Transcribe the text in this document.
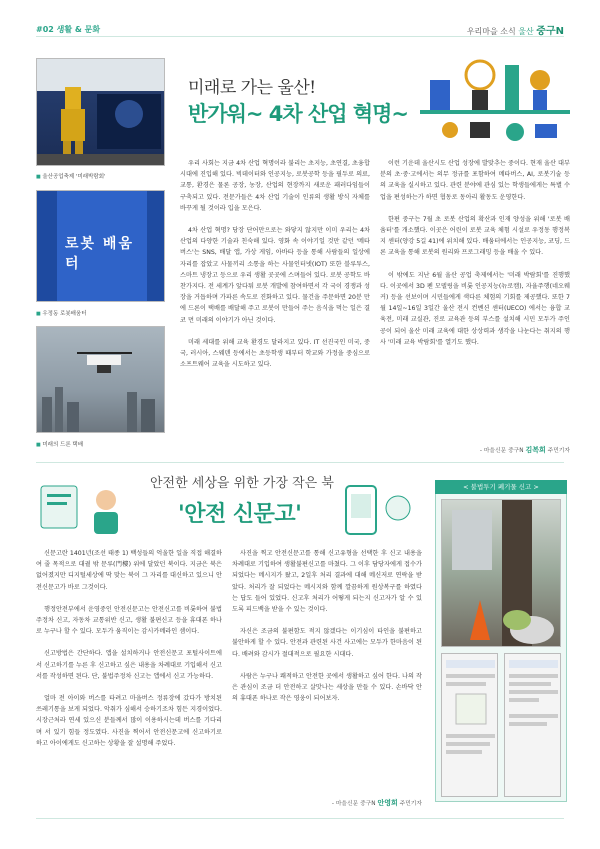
#02 생활 & 문화	우리마을 소식 울산 중구N
■ 울산공업축제 '미래박람회'
로봇 배움터
■ 우정동 로봇배움터
■ 미래의 드론 택배
미래로 가는 울산!
반가워~ 4차 산업 혁명~

우리 사회는 지금 4차 산업 혁명이라 불리는 초지능, 초연결, 초융합 시대에 진입해 있다. 빅데이터와 인공지능, 로봇공학 등을 필두로 의료, 교통, 환경은 물론 공장, 농장, 산업의 현장까지 새로운 패러다임들이 구축되고 있다. 전문가들은 4차 산업 기술이 인류의 생활 방식 자체를 바꾸게 될 것이라 입을 모은다.

4차 산업 혁명? 당장 단어만으로는 와닿지 않지만 이미 우리는 4차 산업의 다양한 기술과 친숙해 있다. 영화 속 이야기일 것만 같던 '메타버스'는 SNS, 배달 앱, 가상 게임, 아바타 등을 통해 사람들의 일상에 자리를 잡았고 사물끼리 소통을 하는 사물인터넷(IOT) 또한 블루투스, 스마트 냉장고 등으로 우리 생활 곳곳에 스며들어 있다. 로봇 공학도 바 찬가지다. 전 세계가 앞다퉈 로봇 개발에 참여하면서 각 국이 경쟁과 성장을 거듭하며 가파른 속도로 진화하고 있다. 물건을 주문하면 20분 만에 드론이 택배를 배달해 주고 로봇이 만들어 주는 음식을 먹는 일은 결코 먼 미래의 이야기가 아닌 것이다.

미래 세대를 위해 교육 환경도 달라지고 있다. IT 선진국인 미국, 중국, 러시아, 스웨덴 등에서는 초등학생 때부터 학교와 가정을 중심으로 소프트웨어 교육을 시도하고 있다.

이런 기운데 울산시도 산업 성장에 발맞추는 중이다. 현재 울산 대부분의 초·중·고에서는 의무 정규를 포함하여 메타버스, AI, 로봇기술 등의 교육을 실시하고 있다. 관련 분야에 관심 있는 학생들에게는 특별 수업을 편성하는가 하면 협동로 동아리 활동도 운영한다.

한편 중구는 7월 초 로봇 산업의 확산과 인재 양성을 위해 '로봇 배움터'를 개소했다. 이곳은 어린이 로봇 교육 체험 시설로 우정동 행정복지 센터(양강 5길 41)에 위치해 있다. 배움터에서는 인공지능, 코딩, 드론 교육을 통해 로봇의 원리와 프로그래밍 등을 배울 수 있다.

이 밖에도 지난 6월 울산 공업 축제에서는 '미래 박람회'를 진행했다. 이곳에서 3D 펜 모델링을 비롯 인공지능(뉴로캠), 자율주행(네오웨커) 등을 선보이며 시민들에게 색다른 체험의 기회를 제공했다. 또한 7월 14일~16일 3일간 울산 전시 컨벤션 센터(UECO) 에서는 융합 교육전, 미래 교실관, 진로 교육관 등의 부스를 설치해 시민 모두가 주인공이 되어 울산 미래 교육에 대한 상상력과 생각을 나눈다는 취지의 행사 '미래 교육 박람회'를 열기도 했다.

- 마을신문 중구N 김복희 주민기자
안전한 세상을 위한 가장 작은 북
'안전 신문고'

신문고란 1401년(조선 태종 1) 백성들의 억울한 일을 직접 해결하여 줄 목적으로 대궐 밖 문루(門樓) 위에 달았던 북이다. 지금은 북은 없어졌지만 디지털세상에 딱 맞는 북이 그 자리를 대신하고 있으니 안전신문고가 바로 그것이다.

행정안전부에서 운영중인 안전신문고는 안전신고를 비롯하여 불법 주정차 신고, 자동차 교통위반 신고, 생활 불편신고 등을 휴대폰 하나로 누구나 할 수 있다. 모두가 움직이는 감시카메라인 셈이다.

신고방법은 간단하다. 앱을 설치하거나 안전신문고 포털사이트에서 신고하기를 누른 후 신고하고 싶은 내용을 차례대로 기입해서 신고서를 작성하면 된다. 단, 불법주정차 신고는 앱에서 신고 가능하다.

얼마 전 아이와 버스를 타려고 마을버스 정류장에 갔다가 방치된 쓰레기통을 보게 되었다. 악취가 심해서 승하기조차 힘든 지경이었다. 시장근처라 연세 있으신 분들께서 많이 이용하시는데 버스를 기다리며 서 있기 힘들 정도였다. 사진을 찍어서 안전신문고에 신고하기로 하고 아이에게도 신고하는 상황을 잘 설명해 주었다.

사진을 찍고 안전신문고를 통해 신고유형을 선택한 후 신고 내용을 차례대로 기입하여 생활불편신고를 마쳤다. 그 이후 담당자에게 접수가 되었다는 메시지가 왔고, 2일후 처리 결과에 대해 메신저로 연락을 받았다. 처리가 잘 되었다는 메시지와 함께 깔끔하게 원상복구를 하였다는 답도 들어 있었다. 신고후 처리가 어떻게 되는지 신고자가 알 수 있도록 피드백을 받을 수 있는 것이다.

자신은 조금의 불편함도 적지 않겠다는 이기심이 타인을 불편하고 불안하게 할 수 있다. 안전과 관련된 사건 사고에는 모두가 한마음이 된다. 배려와 감시가 절대적으로 필요한 시대다.

사람은 누구나 쾌적하고 안전한 곳에서 생활하고 싶어 한다. 나의 작은 관심이 조금 더 안전하고 살맛나는 세상을 만들 수 있다. 손바닥 안의 휴대폰 하나로 작은 영웅이 되어보자.

- 마을신문 중구N 안영희 주민기자
< 불법투기 폐기물 신고 >
